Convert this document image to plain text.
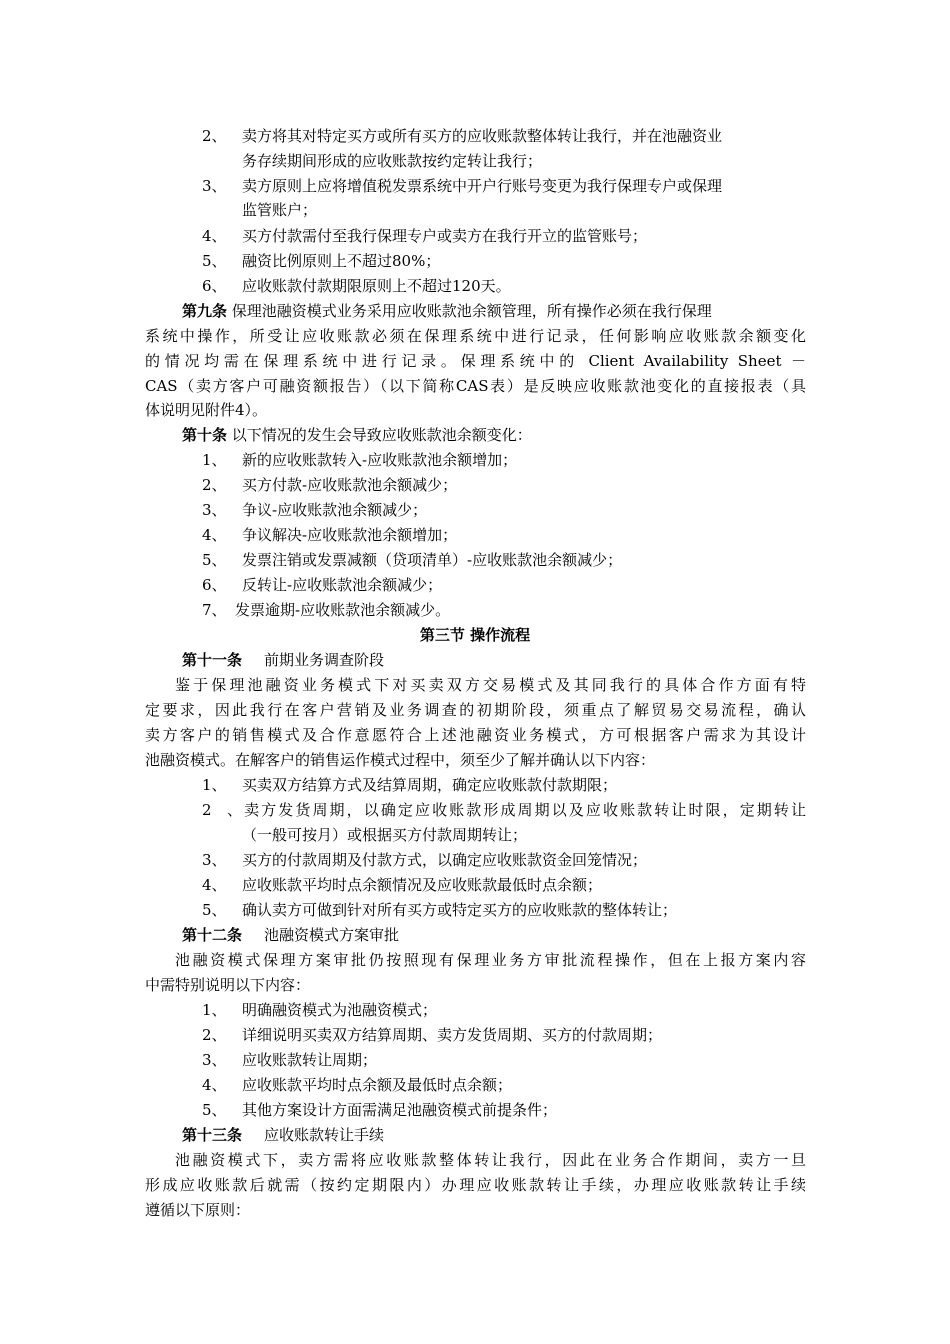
2、 卖方将其对特定买方或所有买方的应收账款整体转让我行，并在池融资业

务存续期间形成的应收账款按约定转让我行；

3、 卖方原则上应将增值税发票系统中开户行账号变更为我行保理专户或保理

监管账户；

4、 买方付款需付至我行保理专户或卖方在我行开立的监管账号；

5、 融资比例原则上不超过80%；

6、 应收账款付款期限原则上不超过120天。

第九条 保理池融资模式业务采用应收账款池余额管理，所有操作必须在我行保理

系统中操作，所受让应收账款必须在保理系统中进行记录，任何影响应收账款余额变化

的情况均需在保理系统中进行记录。保理系统中的 Client Availability Sheet －

CAS（卖方客户可融资额报告）（以下简称CAS表）是反映应收账款池变化的直接报表（具

体说明见附件4）。

第十条 以下情况的发生会导致应收账款池余额变化：

1、 新的应收账款转入-应收账款池余额增加；

2、 买方付款-应收账款池余额减少；

3、 争议-应收账款池余额减少；

4、 争议解决-应收账款池余额增加；

5、 发票注销或发票减额（贷项清单）-应收账款池余额减少；

6、 反转让-应收账款池余额减少；

7、 发票逾期-应收账款池余额减少。

第三节 操作流程

第十一条 前期业务调查阶段

鉴于保理池融资业务模式下对买卖双方交易模式及其同我行的具体合作方面有特

定要求，因此我行在客户营销及业务调查的初期阶段，须重点了解贸易交易流程，确认

卖方客户的销售模式及合作意愿符合上述池融资业务模式，方可根据客户需求为其设计

池融资模式。在解客户的销售运作模式过程中，须至少了解并确认以下内容：

1、 买卖双方结算方式及结算周期，确定应收账款付款期限；

2、卖方发货周期，以确定应收账款形成周期以及应收账款转让时限，定期转让

（一般可按月）或根据买方付款周期转让；

3、 买方的付款周期及付款方式，以确定应收账款资金回笼情况；

4、 应收账款平均时点余额情况及应收账款最低时点余额；

5、 确认卖方可做到针对所有买方或特定买方的应收账款的整体转让；

第十二条 池融资模式方案审批

池融资模式保理方案审批仍按照现有保理业务方审批流程操作，但在上报方案内容

中需特别说明以下内容：

1、 明确融资模式为池融资模式；

2、 详细说明买卖双方结算周期、卖方发货周期、买方的付款周期；

3、 应收账款转让周期；

4、 应收账款平均时点余额及最低时点余额；

5、 其他方案设计方面需满足池融资模式前提条件；

第十三条 应收账款转让手续

池融资模式下，卖方需将应收账款整体转让我行，因此在业务合作期间，卖方一旦

形成应收账款后就需（按约定期限内）办理应收账款转让手续，办理应收账款转让手续

遵循以下原则：
